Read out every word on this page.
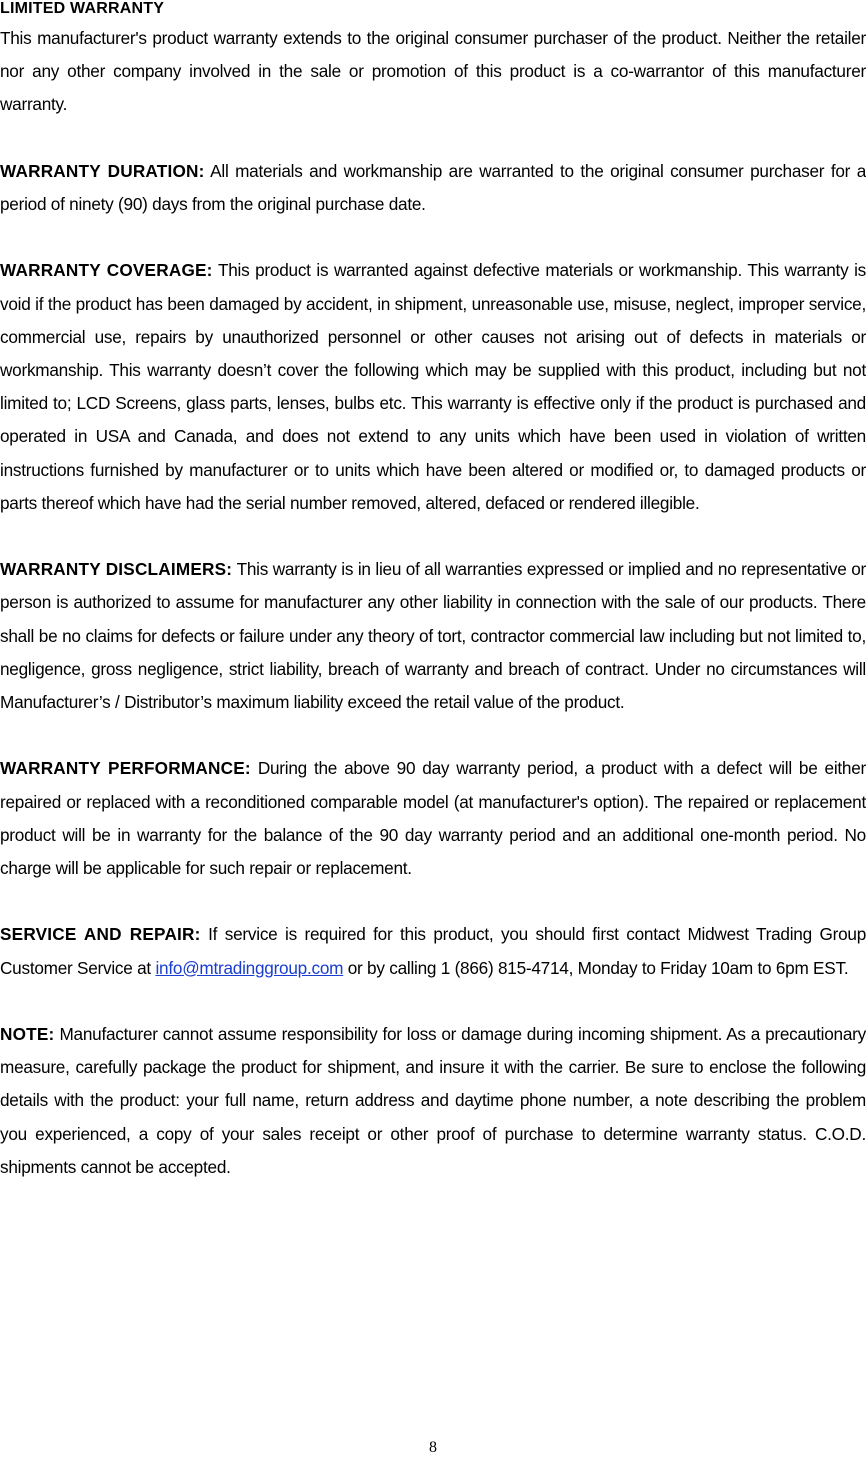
LIMITED WARRANTY

This manufacturer's product warranty extends to the original consumer purchaser of the product. Neither the retailer nor any other company involved in the sale or promotion of this product is a co-warrantor of this manufacturer warranty.

WARRANTY DURATION: All materials and workmanship are warranted to the original consumer purchaser for a period of ninety (90) days from the original purchase date.

WARRANTY COVERAGE: This product is warranted against defective materials or workmanship. This warranty is void if the product has been damaged by accident, in shipment, unreasonable use, misuse, neglect, improper service, commercial use, repairs by unauthorized personnel or other causes not arising out of defects in materials or workmanship. This warranty doesn’t cover the following which may be supplied with this product, including but not limited to; LCD Screens, glass parts, lenses, bulbs etc. This warranty is effective only if the product is purchased and operated in USA and Canada, and does not extend to any units which have been used in violation of written instructions furnished by manufacturer or to units which have been altered or modified or, to damaged products or parts thereof which have had the serial number removed, altered, defaced or rendered illegible.

WARRANTY DISCLAIMERS: This warranty is in lieu of all warranties expressed or implied and no representative or person is authorized to assume for manufacturer any other liability in connection with the sale of our products. There shall be no claims for defects or failure under any theory of tort, contractor commercial law including but not limited to, negligence, gross negligence, strict liability, breach of warranty and breach of contract. Under no circumstances will Manufacturer’s / Distributor’s maximum liability exceed the retail value of the product.

WARRANTY PERFORMANCE: During the above 90 day warranty period, a product with a defect will be either repaired or replaced with a reconditioned comparable model (at manufacturer's option). The repaired or replacement product will be in warranty for the balance of the 90 day warranty period and an additional one-month period. No charge will be applicable for such repair or replacement.

SERVICE AND REPAIR: If service is required for this product, you should first contact Midwest Trading Group Customer Service at info@mtradinggroup.com or by calling 1 (866) 815-4714, Monday to Friday 10am to 6pm EST.

NOTE: Manufacturer cannot assume responsibility for loss or damage during incoming shipment. As a precautionary measure, carefully package the product for shipment, and insure it with the carrier. Be sure to enclose the following details with the product: your full name, return address and daytime phone number, a note describing the problem you experienced, a copy of your sales receipt or other proof of purchase to determine warranty status. C.O.D. shipments cannot be accepted.

8
